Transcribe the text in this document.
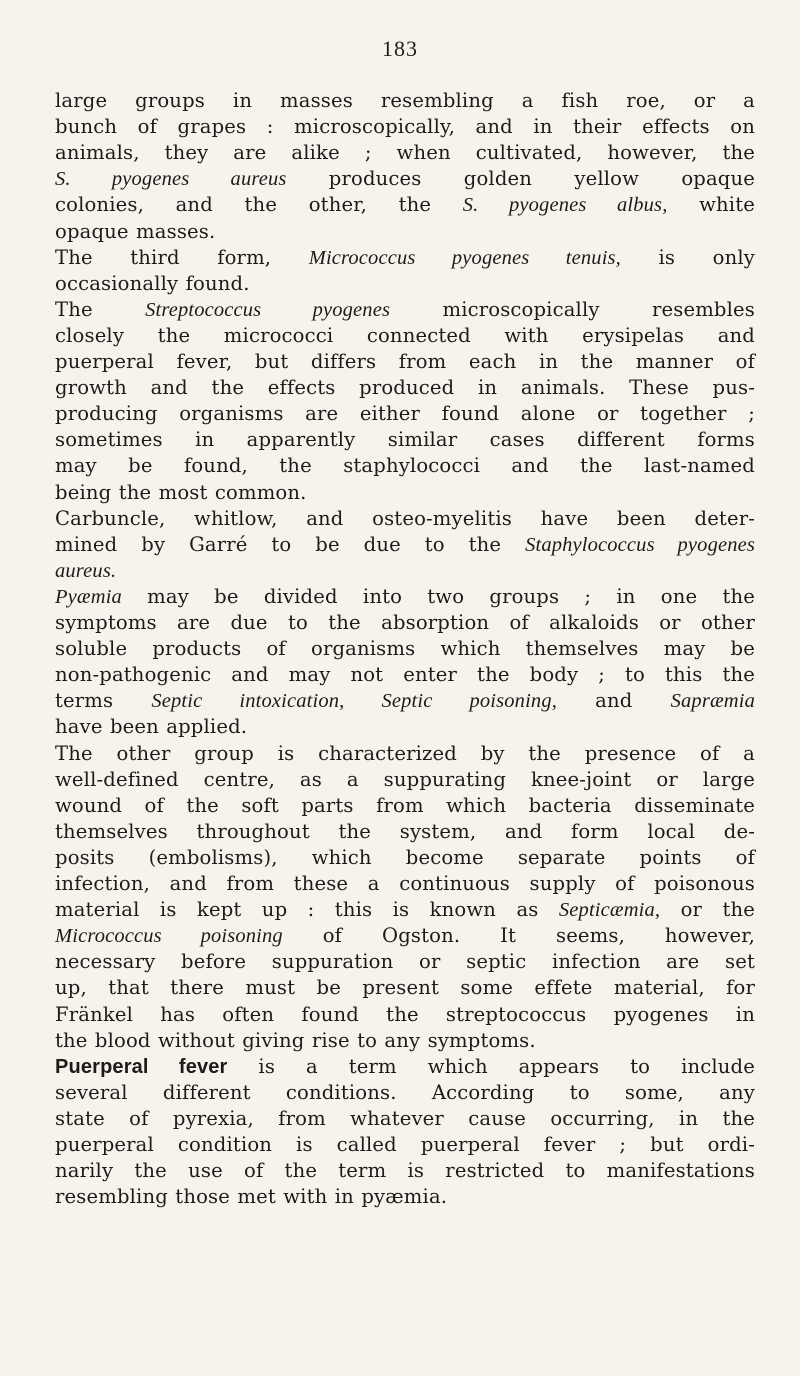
183
large groups in masses resembling a fish roe, or a
bunch of grapes : microscopically, and in their effects on
animals, they are alike ; when cultivated, however, the
S. pyogenes aureus produces golden yellow opaque
colonies, and the other, the S. pyogenes albus, white
opaque masses.
The third form, Micrococcus pyogenes tenuis, is only
occasionally found.
The Streptococcus pyogenes microscopically resembles
closely the micrococci connected with erysipelas and
puerperal fever, but differs from each in the manner of
growth and the effects produced in animals. These pus-
producing organisms are either found alone or together ;
sometimes in apparently similar cases different forms
may be found, the staphylococci and the last-named
being the most common.
Carbuncle, whitlow, and osteo-myelitis have been deter-
mined by Garré to be due to the Staphylococcus pyogenes
aureus.
Pyæmia may be divided into two groups ; in one the
symptoms are due to the absorption of alkaloids or other
soluble products of organisms which themselves may be
non-pathogenic and may not enter the body ; to this the
terms Septic intoxication, Septic poisoning, and Sapræmia
have been applied.
The other group is characterized by the presence of a
well-defined centre, as a suppurating knee-joint or large
wound of the soft parts from which bacteria disseminate
themselves throughout the system, and form local de-
posits (embolisms), which become separate points of
infection, and from these a continuous supply of poisonous
material is kept up : this is known as Septicæmia, or the
Micrococcus poisoning of Ogston. It seems, however,
necessary before suppuration or septic infection are set
up, that there must be present some effete material, for
Fränkel has often found the streptococcus pyogenes in
the blood without giving rise to any symptoms.
Puerperal fever is a term which appears to include
several different conditions. According to some, any
state of pyrexia, from whatever cause occurring, in the
puerperal condition is called puerperal fever ; but ordi-
narily the use of the term is restricted to manifestations
resembling those met with in pyæmia.
